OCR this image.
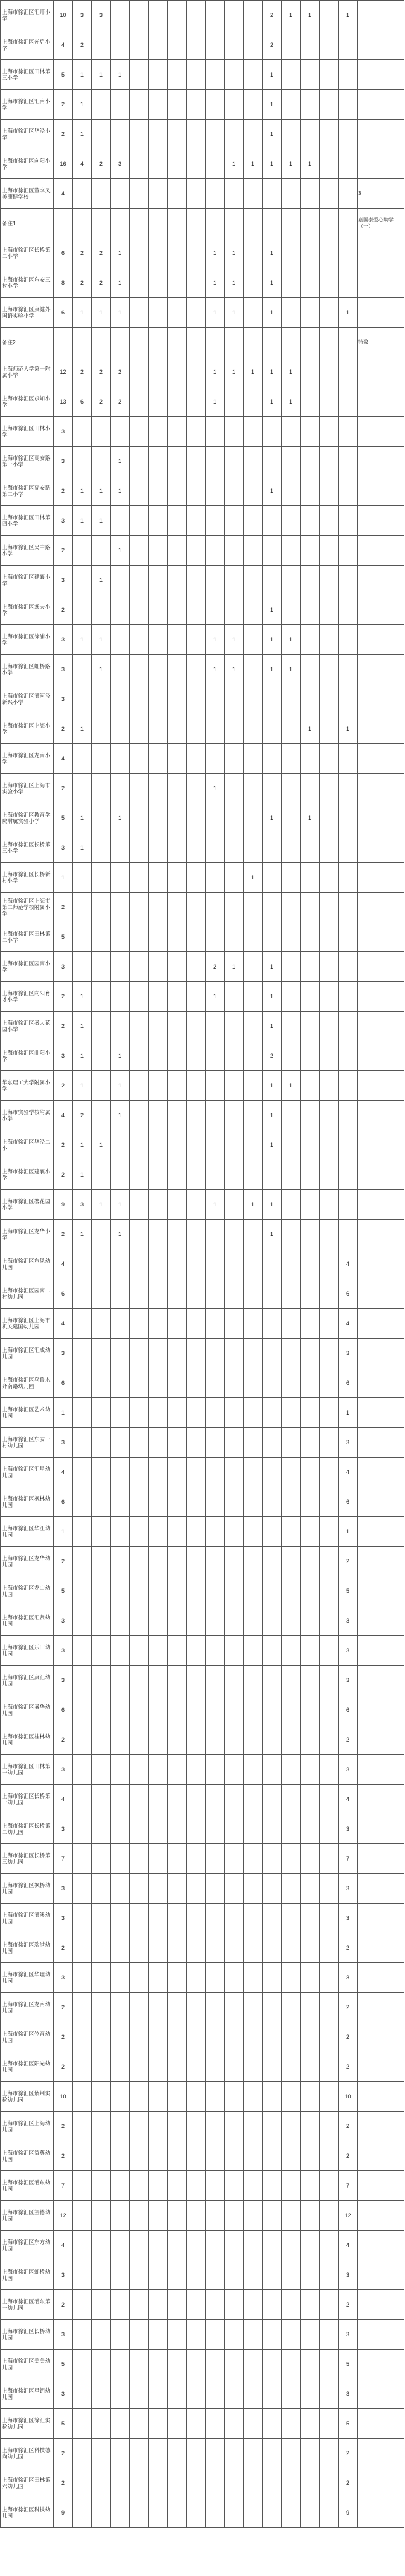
上海市徐汇区汇师小学	10	3	3									2	1	1		1	
上海市徐汇区光启小学	4	2										2					
上海市徐汇区田林第三小学	5	1	1	1								1					
上海市徐汇区汇南小学	2	1										1					
上海市徐汇区华泾小学	2	1										1					
上海市徐汇区向阳小学	16	4	2	3						1	1	1	1	1			
上海市徐汇区董李凤美康健学校	4																3
备注1																	嘉国泰爱心助学（一）
上海市徐汇区长桥第二小学	6	2	2	1					1	1		1					
上海市徐汇区东安三村小学	8	2	2	1					1	1		1					
上海市徐汇区康健外国语实验小学	6	1	1	1					1	1		1				1	
备注2																	特数
上海师范大学第一附属小学	12	2	2	2					1	1	1	1	1				
上海市徐汇区求知小学	13	6	2	2					1			1	1				
上海市徐汇区田林小学	3																
上海市徐汇区高安路第一小学	3			1													
上海市徐汇区高安路第二小学	2	1	1	1								1					
上海市徐汇区田林第四小学	3	1	1														
上海市徐汇区吴中路小学	2			1													
上海市徐汇区建襄小学	3		1														
上海市徐汇区逸夫小学	2											1					
上海市徐汇区徐浦小学	3	1	1						1	1		1	1				
上海市徐汇区虹桥路小学	3		1						1	1		1	1				
上海市徐汇区漕河泾新兴小学	3																
上海市徐汇区上海小学	2	1												1		1	
上海市徐汇区龙南小学	4																
上海市徐汇区上海市实验小学	2								1								
上海市徐汇区教育学院附属实验小学	5	1		1								1		1			
上海市徐汇区长桥第三小学	3	1															
上海市徐汇区长桥新村小学	1										1						
上海市徐汇区上海市第二师范学校附属小学	2																
上海市徐汇区田林第二小学	5																
上海市徐汇区园南小学	3								2	1		1					
上海市徐汇区向阳育才小学	2	1							1			1					
上海市徐汇区盛大花园小学	2	1										1					
上海市徐汇区曲阳小学	3	1		1								2					
华东理工大学附属小学	2	1		1								1	1				
上海市实验学校附属小学	4	2		1								1					
上海市徐汇区华泾二小	2	1	1									1					
上海市徐汇区建襄小学	2	1															
上海市徐汇区樱花园小学	9	3	1	1					1		1	1					
上海市徐汇区龙华小学	2	1		1								1					
上海市徐汇区东风幼儿园	4															4	
上海市徐汇区园南二村幼儿园	6															6	
上海市徐汇区上海市机关建国幼儿园	4															4	
上海市徐汇区汇成幼儿园	3															3	
上海市徐汇区乌鲁木齐南路幼儿园	6															6	
上海市徐汇区艺术幼儿园	1															1	
上海市徐汇区东安一村幼儿园	3															3	
上海市徐汇区汇星幼儿园	4															4	
上海市徐汇区枫林幼儿园	6															6	
上海市徐汇区华江幼儿园	1															1	
上海市徐汇区龙华幼儿园	2															2	
上海市徐汇区龙山幼儿园	5															5	
上海市徐汇区汇贤幼儿园	3															3	
上海市徐汇区乐山幼儿园	3															3	
上海市徐汇区康汇幼儿园	3															3	
上海市徐汇区盛华幼儿园	6															6	
上海市徐汇区桂林幼儿园	2															2	
上海市徐汇区田林第一幼儿园	3															3	
上海市徐汇区长桥第一幼儿园	4															4	
上海市徐汇区长桥第二幼儿园	3															3	
上海市徐汇区长桥第三幼儿园	7															7	
上海市徐汇区枫桥幼儿园	3															3	
上海市徐汇区漕溪幼儿园	3															3	
上海市徐汇区瑞港幼儿园	2															2	
上海市徐汇区华理幼儿园	3															3	
上海市徐汇区龙南幼儿园	2															2	
上海市徐汇区位育幼儿园	2															2	
上海市徐汇区阳光幼儿园	2															2	
上海市徐汇区紫荆实验幼儿园	10															10	
上海市徐汇区上海幼儿园	2															2	
上海市徐汇区益尊幼儿园	2															2	
上海市徐汇区漕东幼儿园	7															7	
上海市徐汇区望德幼儿园	12															12	
上海市徐汇区东方幼儿园	4															4	
上海市徐汇区虹桥幼儿园	3															3	
上海市徐汇区漕东第一幼儿园	2															2	
上海市徐汇区长桥幼儿园	3															3	
上海市徐汇区美美幼儿园	5															5	
上海市徐汇区星钥幼儿园	3															3	
上海市徐汇区徐汇实验幼儿园	5															5	
上海市徐汇区科技德尚幼儿园	2															2	
上海市徐汇区田林第六幼儿园	2															2	
上海市徐汇区科技幼儿园	9															9	
